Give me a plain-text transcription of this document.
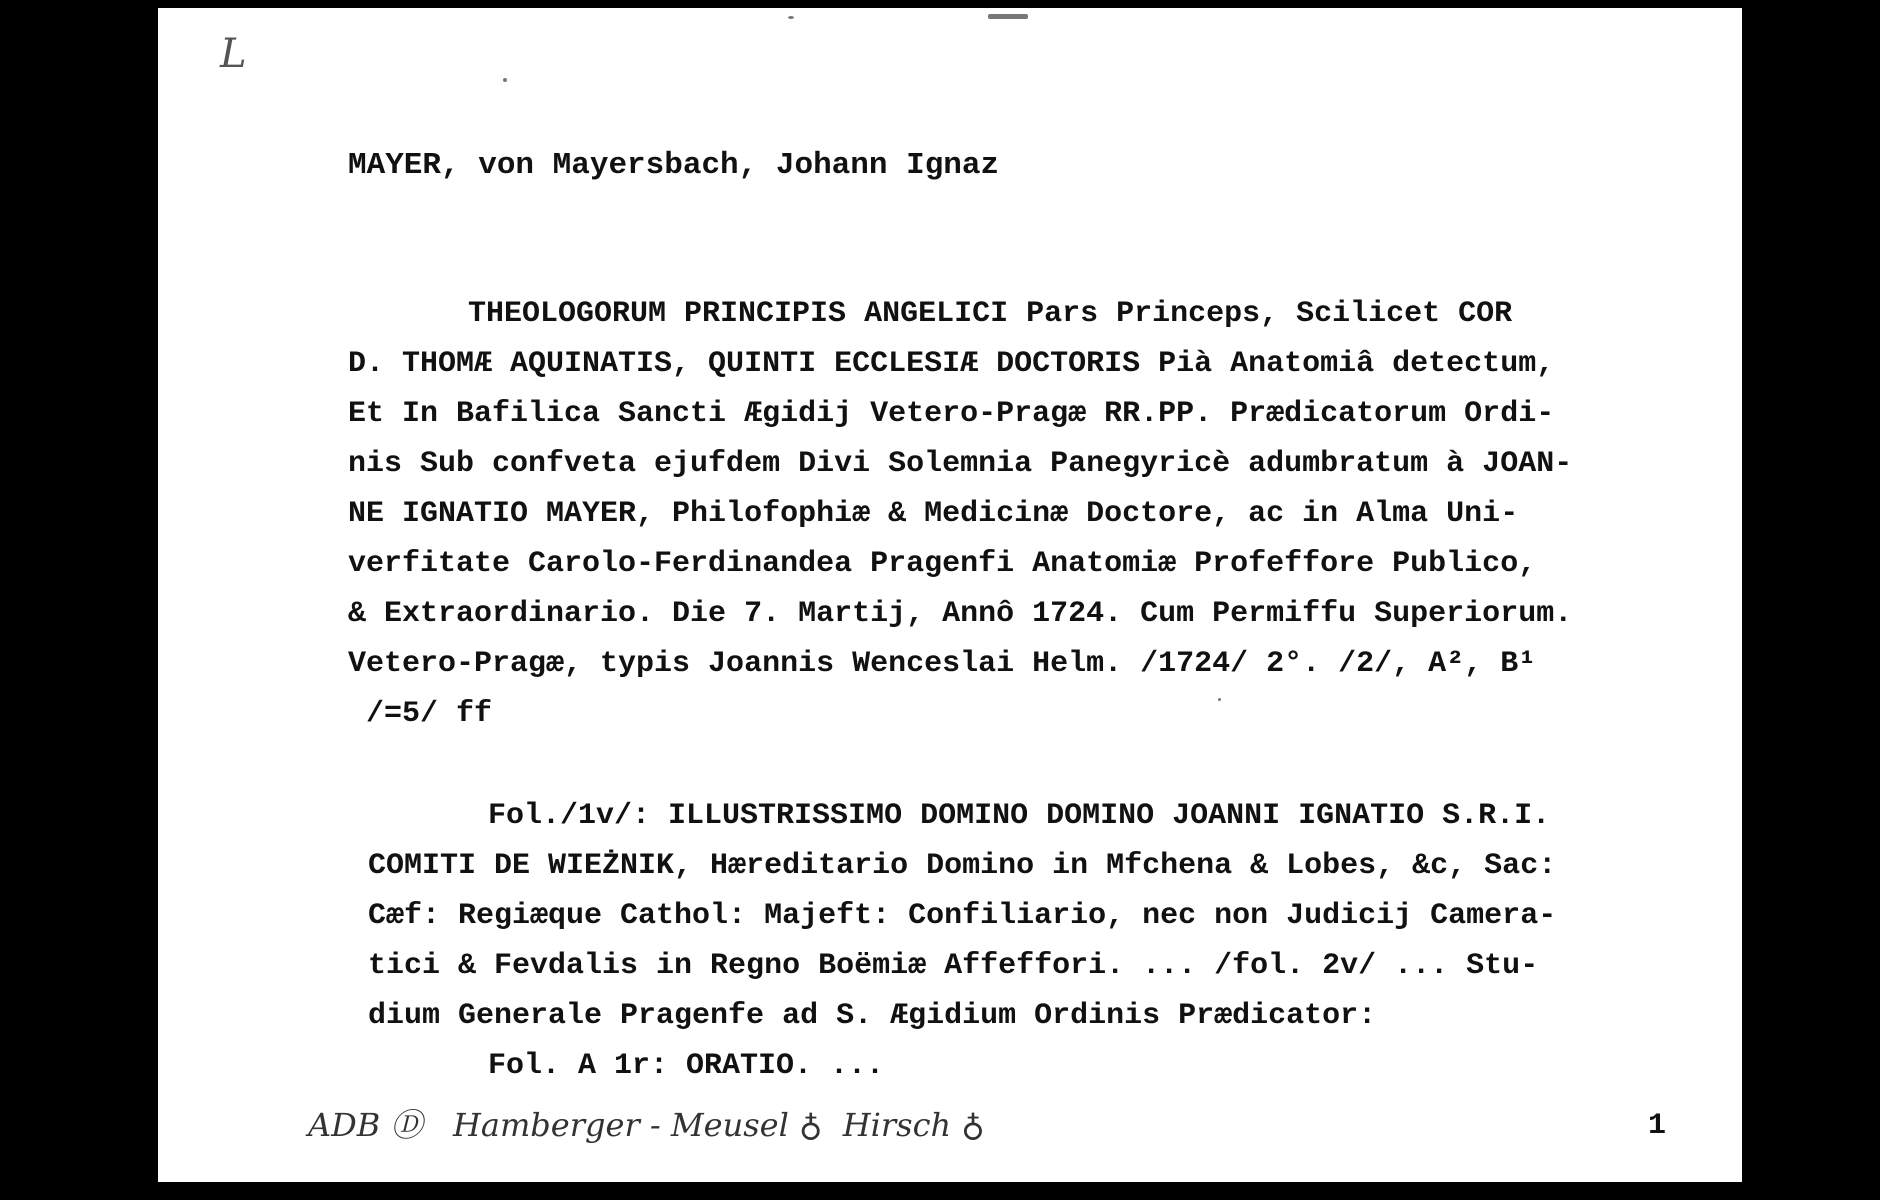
L

MAYER, von Mayersbach, Johann Ignaz

THEOLOGORUM PRINCIPIS ANGELICI Pars Princeps, Scilicet COR

D. THOMÆ AQUINATIS, QUINTI ECCLESIÆ DOCTORIS Pià Anatomiâ detectum,

Et In Bafilica Sancti Ægidij Vetero-Pragæ RR.PP. Prædicatorum Ordi-

nis Sub confveta ejufdem Divi Solemnia Panegyricè adumbratum à JOAN-

NE IGNATIO MAYER, Philofophiæ & Medicinæ Doctore, ac in Alma Uni-

verfitate Carolo-Ferdinandea Pragenfi Anatomiæ Profeffore Publico,

& Extraordinario. Die 7. Martij, Annô 1724. Cum Permiffu Superiorum.

Vetero-Pragæ, typis Joannis Wenceslai Helm. /1724/ 2°. /2/, A², B¹

/=5/ ff

Fol./1v/: ILLUSTRISSIMO DOMINO DOMINO JOANNI IGNATIO S.R.I.

COMITI DE WIEŻNIK, Hæreditario Domino in Mfchena & Lobes, &c, Sac:

Cæf: Regiæque Cathol: Majeft: Confiliario, nec non Judicij Camera-

tici & Fevdalis in Regno Boëmiæ Affeffori. ... /fol. 2v/ ... Stu-

dium Generale Pragenfe ad S. Ægidium Ordinis Prædicator:

Fol. A 1r: ORATIO. ...

ADB Ⓓ   Hamberger - Meusel ♁  Hirsch ♁	1
